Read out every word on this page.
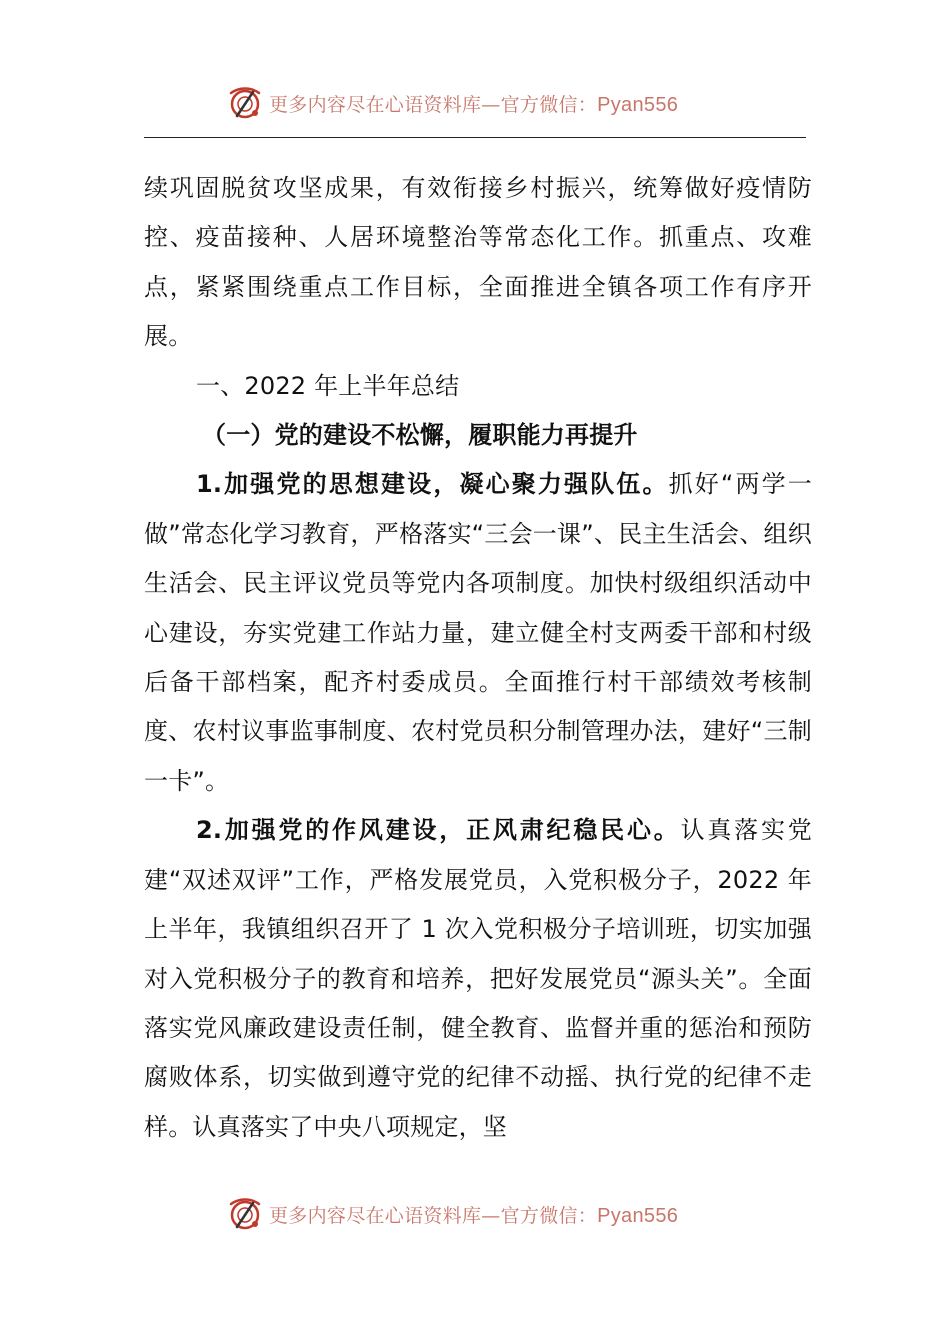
更多内容尽在心语资料库—官方微信：Pyan556

续巩固脱贫攻坚成果，有效衔接乡村振兴，统筹做好疫情防控、疫苗接种、人居环境整治等常态化工作。抓重点、攻难点，紧紧围绕重点工作目标，全面推进全镇各项工作有序开展。

一、2022 年上半年总结

（一）党的建设不松懈，履职能力再提升

1.加强党的思想建设，凝心聚力强队伍。抓好“两学一做”常态化学习教育，严格落实“三会一课”、民主生活会、组织生活会、民主评议党员等党内各项制度。加快村级组织活动中心建设，夯实党建工作站力量，建立健全村支两委干部和村级后备干部档案，配齐村委成员。全面推行村干部绩效考核制度、农村议事监事制度、农村党员积分制管理办法，建好“三制一卡”。

2.加强党的作风建设，正风肃纪稳民心。认真落实党建“双述双评”工作，严格发展党员，入党积极分子，2022 年上半年，我镇组织召开了 1 次入党积极分子培训班，切实加强对入党积极分子的教育和培养，把好发展党员“源头关”。全面落实党风廉政建设责任制，健全教育、监督并重的惩治和预防腐败体系，切实做到遵守党的纪律不动摇、执行党的纪律不走样。认真落实了中央八项规定，坚

更多内容尽在心语资料库—官方微信：Pyan556
